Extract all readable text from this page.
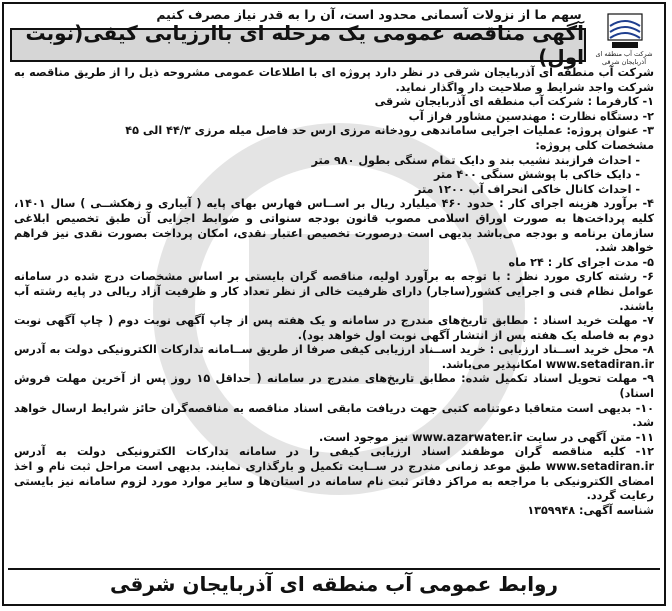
سهم ما از نزولات آسمانی محدود است، آن را به قدر نیاز مصرف کنیم
شرکت آب منطقه ای آذربایجان شرقی
آگهی مناقصه عمومی یک مرحله ای باارزیابی کیفی(نوبت اول)

شرکت آب منطقه ای آذربایجان شرقی در نظر دارد پروژه ای با اطلاعات عمومی مشروحه ذیل را از طریق مناقصه به شرکت واجد شرایط و صلاحیت دار واگذار نماید.

۱- کارفرما : شرکت آب منطقه ای آذربایجان شرقی

۲- دستگاه نظارت : مهندسین مشاور فراز آب

۳- عنوان پروژه: عملیات اجرایی ساماندهی رودخانه مرزی ارس حد فاصل میله مرزی ۴۴/۳ الی ۴۵

مشخصات کلی پروژه:

- احداث فرازبند نشیب بند و دایک تمام سنگی بطول ۹۸۰ متر

- دایک خاکی با پوشش سنگی ۴۰۰ متر

- احداث کانال خاکی انحراف آب ۱۲۰۰ متر

۴- برآورد هزینه اجرای کار : حدود ۴۶۰ میلیارد ریال بر اســاس فهارس بهای پایه ( آبیاری و زهکشــی ) سال ۱۴۰۱، کلیه پرداخت‌ها به صورت اوراق اسلامی مصوب قانون بودجه سنواتی و ضوابط اجرایی آن طبق تخصیص ابلاغی سازمان برنامه و بودجه می‌باشد بدیهی است درصورت تخصیص اعتبار نقدی، امکان پرداخت بصورت نقدی نیز فراهم خواهد شد.

۵- مدت اجرای کار : ۲۴ ماه

۶- رشته کاری مورد نظر : با توجه به برآورد اولیه، مناقصه گران بایستی بر اساس مشخصات درج شده در سامانه عوامل نظام فنی و اجرایی کشور(ساجار) دارای ظرفیت خالی از نظر تعداد کار و ظرفیت آزاد ریالی در پایه رشته آب باشند.

۷- مهلت خرید اسناد : مطابق تاریخ‌های مندرج در سامانه و یک هفته پس از چاپ آگهی نوبت دوم ( چاپ آگهی نوبت دوم به فاصله یک هفته پس از انتشار آگهی نوبت اول خواهد بود).

۸- محل خرید اســناد ارزیابی : خرید اســناد ارزیابی کیفی صرفا از طریق ســامانه تدارکات الکترونیکی دولت به آدرس www.setadiran.ir امکانپذیر می‌باشد.

۹- مهلت تحویل اسناد تکمیل شده: مطابق تاریخ‌های مندرج در سامانه ( حداقل ۱۵ روز پس از آخرین مهلت فروش اسناد)

۱۰- بدیهی است متعاقبا دعوتنامه کتبی جهت دریافت مابقی اسناد مناقصه به مناقصه‌گران حائز شرایط ارسال خواهد شد.

۱۱- متن آگهی در سایت www.azarwater.ir نیز موجود است.

۱۲- کلیه مناقصه گران موظفند اسناد ارزیابی کیفی را در سامانه تدارکات الکترونیکی دولت به آدرس www.setadiran.ir طبق موعد زمانی مندرج در ســایت تکمیل و بارگذاری نمایند. بدیهی است مراحل ثبت نام و اخذ امضای الکترونیکی با مراجعه به مراکز دفاتر ثبت نام سامانه در استان‌ها و سایر موارد مورد لزوم سامانه نیز بایستی رعایت گردد.

شناسه آگهی: ۱۳۵۹۹۴۸

روابط عمومی آب منطقه ای آذربایجان شرقی
